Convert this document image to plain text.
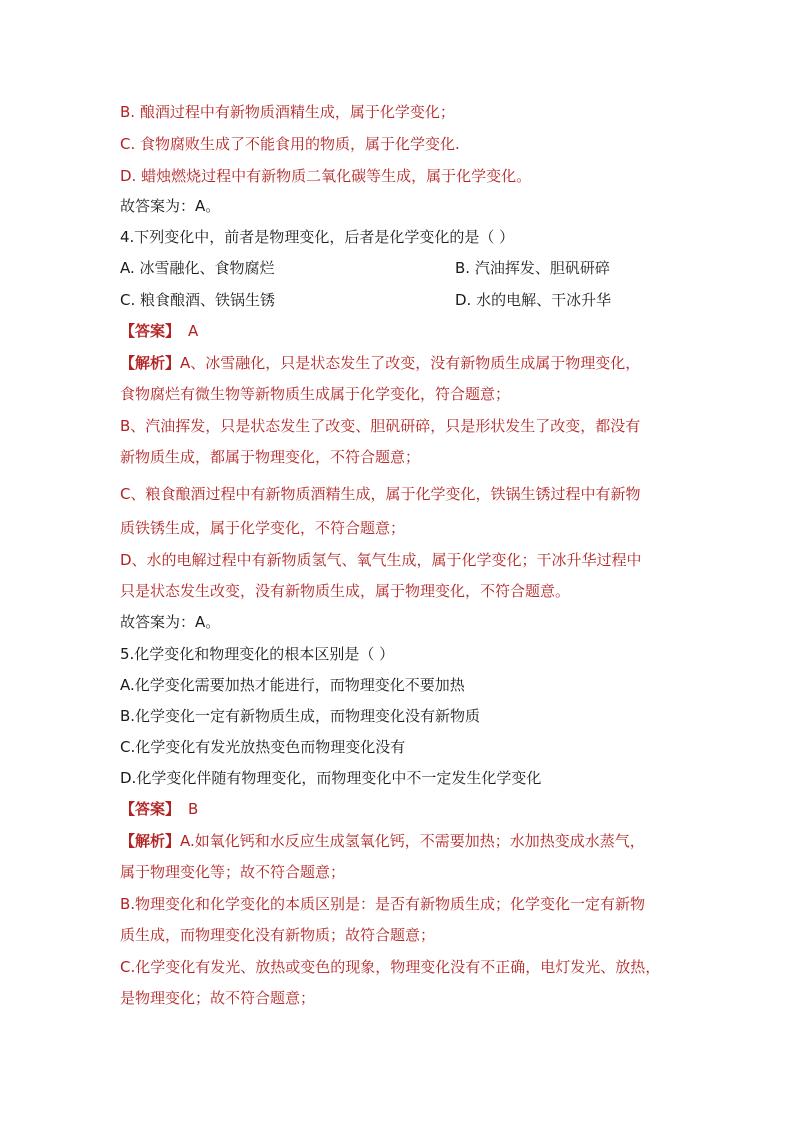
B. 酿酒过程中有新物质酒精生成，属于化学变化；
C. 食物腐败生成了不能食用的物质，属于化学变化.
D. 蜡烛燃烧过程中有新物质二氧化碳等生成，属于化学变化。
故答案为：A。
4.下列变化中，前者是物理变化，后者是化学变化的是（ ）
A. 冰雪融化、食物腐烂	B. 汽油挥发、胆矾研碎
C. 粮食酿酒、铁锅生锈	D. 水的电解、干冰升华
【答案】 A
【解析】A、冰雪融化，只是状态发生了改变，没有新物质生成属于物理变化，
食物腐烂有微生物等新物质生成属于化学变化，符合题意；
B、汽油挥发，只是状态发生了改变、胆矾研碎，只是形状发生了改变，都没有
新物质生成，都属于物理变化，不符合题意；
C、粮食酿酒过程中有新物质酒精生成，属于化学变化，铁锅生锈过程中有新物
质铁锈生成，属于化学变化，不符合题意；
D、水的电解过程中有新物质氢气、氧气生成，属于化学变化；干冰升华过程中
只是状态发生改变，没有新物质生成，属于物理变化，不符合题意。
故答案为：A。
5.化学变化和物理变化的根本区别是（ ）
A.化学变化需要加热才能进行，而物理变化不要加热
B.化学变化一定有新物质生成，而物理变化没有新物质
C.化学变化有发光放热变色而物理变化没有
D.化学变化伴随有物理变化，而物理变化中不一定发生化学变化
【答案】 B
【解析】A.如氧化钙和水反应生成氢氧化钙，不需要加热；水加热变成水蒸气，
属于物理变化等；故不符合题意；
B.物理变化和化学变化的本质区别是：是否有新物质生成；化学变化一定有新物
质生成，而物理变化没有新物质；故符合题意；
C.化学变化有发光、放热或变色的现象，物理变化没有不正确，电灯发光、放热，
是物理变化；故不符合题意；
